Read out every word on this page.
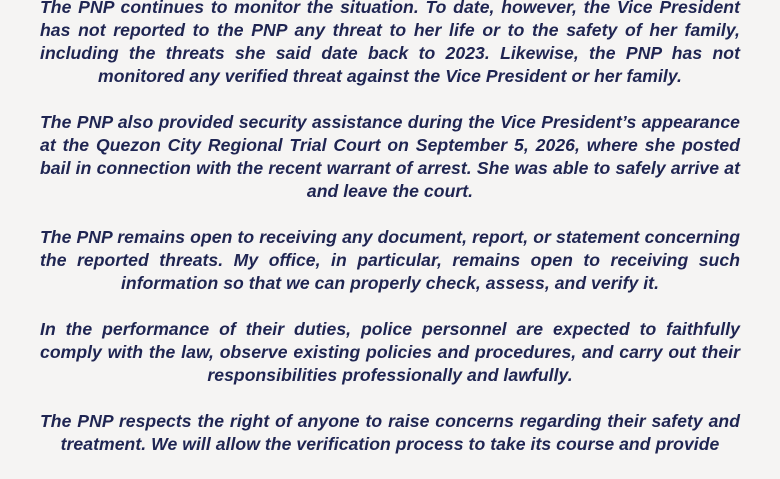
The PNP continues to monitor the situation. To date, however, the Vice President has not reported to the PNP any threat to her life or to the safety of her family, including the threats she said date back to 2023. Likewise, the PNP has not monitored any verified threat against the Vice President or her family.

The PNP also provided security assistance during the Vice President’s appearance at the Quezon City Regional Trial Court on September 5, 2026, where she posted bail in connection with the recent warrant of arrest. She was able to safely arrive at and leave the court.

The PNP remains open to receiving any document, report, or statement concerning the reported threats. My office, in particular, remains open to receiving such information so that we can properly check, assess, and verify it.

In the performance of their duties, police personnel are expected to faithfully comply with the law, observe existing policies and procedures, and carry out their responsibilities professionally and lawfully.

The PNP respects the right of anyone to raise concerns regarding their safety and treatment. We will allow the verification process to take its course and provide
